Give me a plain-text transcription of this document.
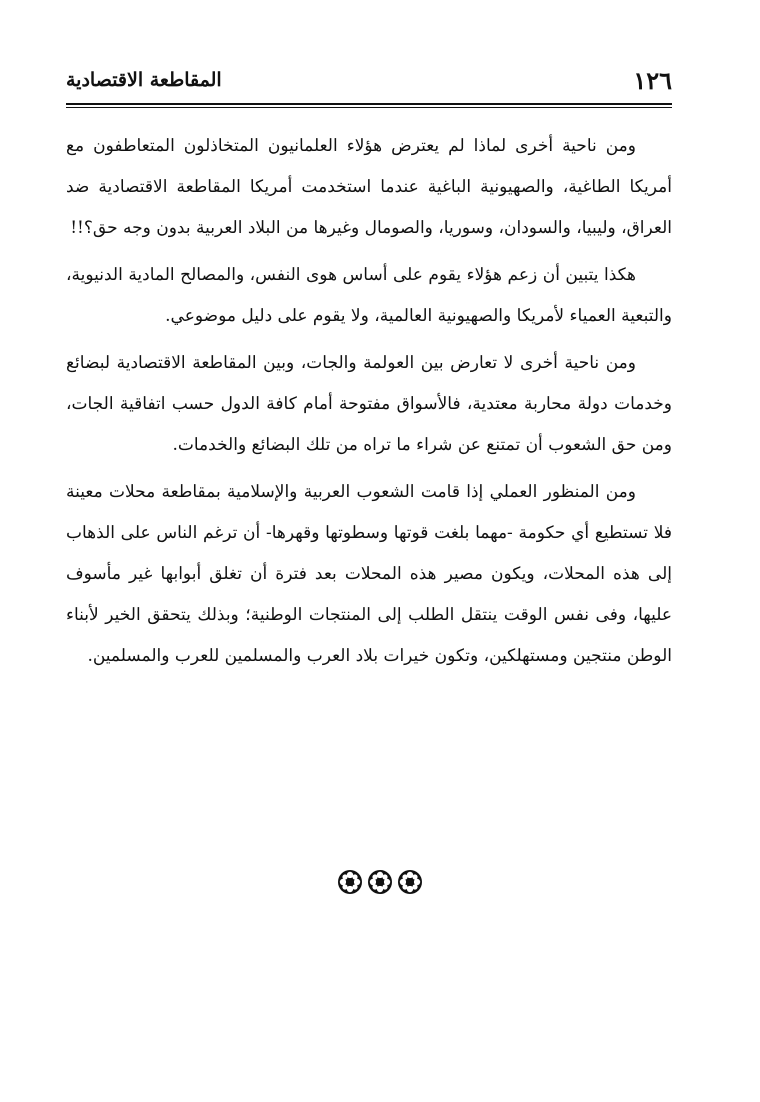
المقاطعة الاقتصادية	١٢٦

ومن ناحية أخرى لماذا لم يعترض هؤلاء العلمانيون المتخاذلون المتعاطفون مع أمريكا الطاغية، والصهيونية الباغية عندما استخدمت أمريكا المقاطعة الاقتصادية ضد العراق، وليبيا، والسودان، وسوريا، والصومال وغيرها من البلاد العربية بدون وجه حق؟!!

هكذا يتبين أن زعم هؤلاء يقوم على أساس هوى النفس، والمصالح المادية الدنيوية، والتبعية العمياء لأمريكا والصهيونية العالمية، ولا يقوم على دليل موضوعي.

ومن ناحية أخرى لا تعارض بين العولمة والجات، وبين المقاطعة الاقتصادية لبضائع وخدمات دولة محاربة معتدية، فالأسواق مفتوحة أمام كافة الدول حسب اتفاقية الجات، ومن حق الشعوب أن تمتنع عن شراء ما تراه من تلك البضائع والخدمات.

ومن المنظور العملي إذا قامت الشعوب العربية والإسلامية بمقاطعة محلات معينة فلا تستطيع أي حكومة -مهما بلغت قوتها وسطوتها وقهرها- أن ترغم الناس على الذهاب إلى هذه المحلات، ويكون مصير هذه المحلات بعد فترة أن تغلق أبوابها غير مأسوف عليها، وفى نفس الوقت ينتقل الطلب إلى المنتجات الوطنية؛ وبذلك يتحقق الخير لأبناء الوطن منتجين ومستهلكين، وتكون خيرات بلاد العرب والمسلمين للعرب والمسلمين.
